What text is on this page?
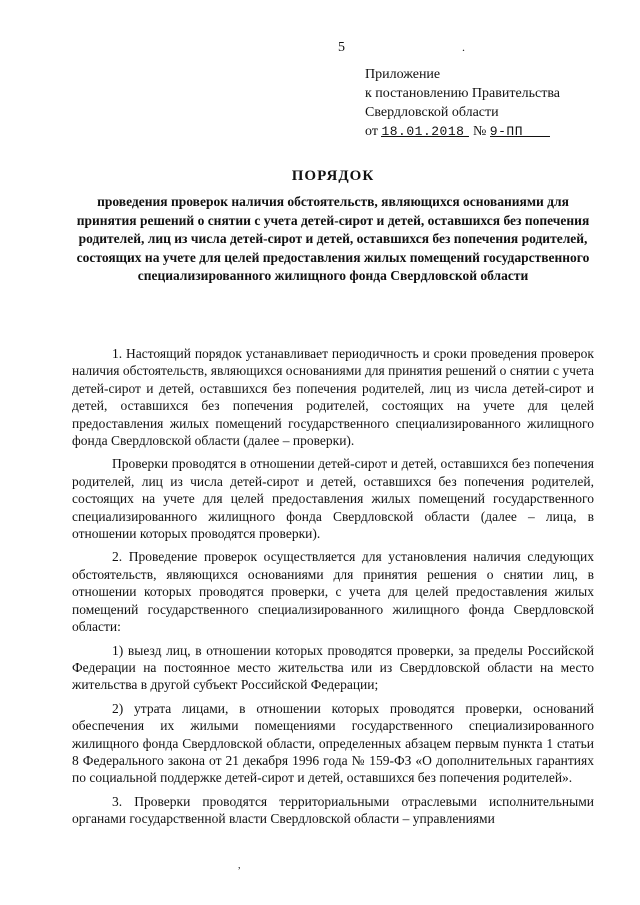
5	.
Приложение
к постановлению Правительства
Свердловской области
от 18.01.2018 № 9-ПП
ПОРЯДОК
проведения проверок наличия обстоятельств, являющихся основаниями для принятия решений о снятии с учета детей-сирот и детей, оставшихся без попечения родителей, лиц из числа детей-сирот и детей, оставшихся без попечения родителей, состоящих на учете для целей предоставления жилых помещений государственного специализированного жилищного фонда Свердловской области

1. Настоящий порядок устанавливает периодичность и сроки проведения проверок наличия обстоятельств, являющихся основаниями для принятия решений о снятии с учета детей-сирот и детей, оставшихся без попечения родителей, лиц из числа детей-сирот и детей, оставшихся без попечения родителей, состоящих на учете для целей предоставления жилых помещений государственного специализированного жилищного фонда Свердловской области (далее – проверки).

Проверки проводятся в отношении детей-сирот и детей, оставшихся без попечения родителей, лиц из числа детей-сирот и детей, оставшихся без попечения родителей, состоящих на учете для целей предоставления жилых помещений государственного специализированного жилищного фонда Свердловской области (далее – лица, в отношении которых проводятся проверки).

2. Проведение проверок осуществляется для установления наличия следующих обстоятельств, являющихся основаниями для принятия решения о снятии лиц, в отношении которых проводятся проверки, с учета для целей предоставления жилых помещений государственного специализированного жилищного фонда Свердловской области:

1) выезд лиц, в отношении которых проводятся проверки, за пределы Российской Федерации на постоянное место жительства или из Свердловской области на место жительства в другой субъект Российской Федерации;

2) утрата лицами, в отношении которых проводятся проверки, оснований обеспечения их жилыми помещениями государственного специализированного жилищного фонда Свердловской области, определенных абзацем первым пункта 1 статьи 8 Федерального закона от 21 декабря 1996 года № 159-ФЗ «О дополнительных гарантиях по социальной поддержке детей-сирот и детей, оставшихся без попечения родителей».

3. Проверки проводятся территориальными отраслевыми исполнительными органами государственной власти Свердловской области – управлениями

,
